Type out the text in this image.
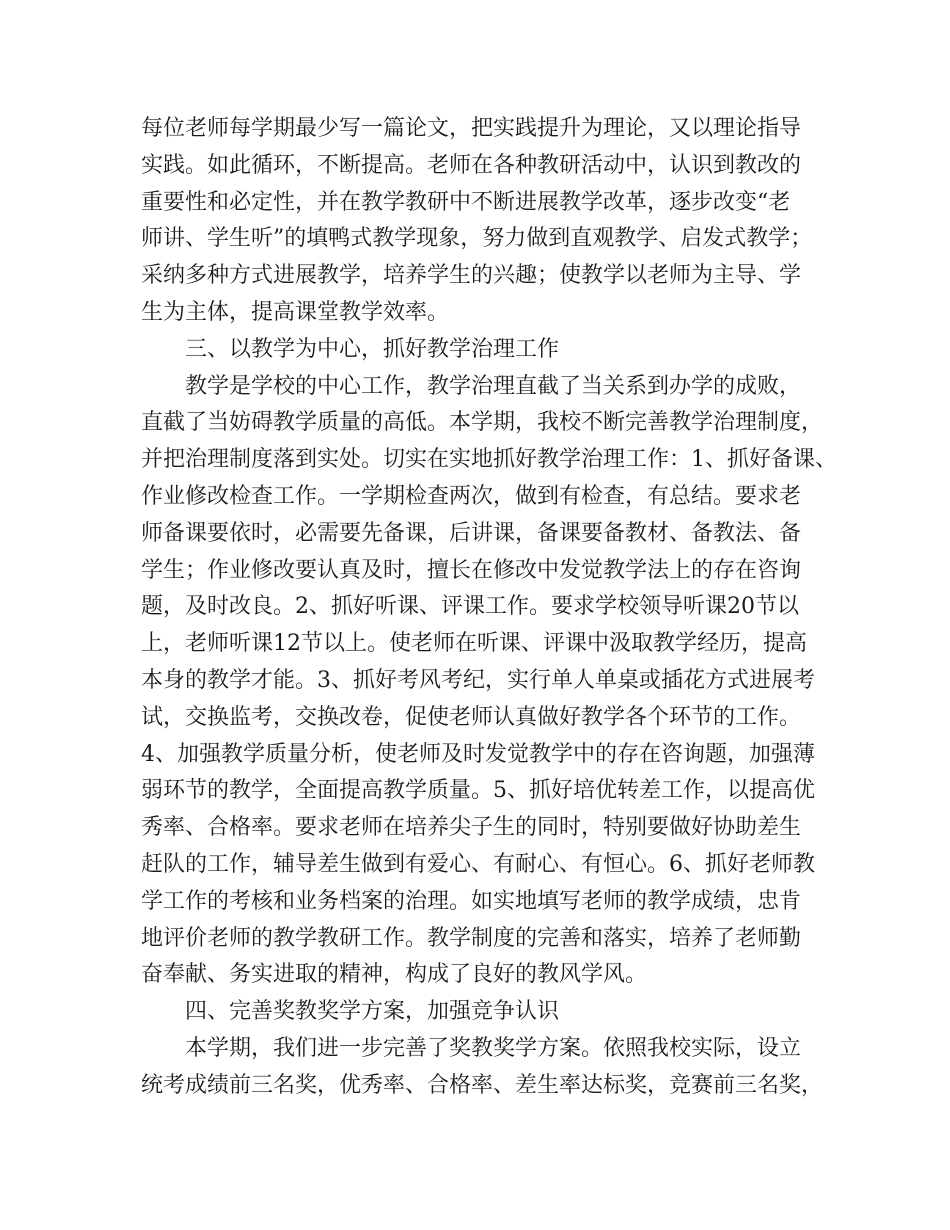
每位老师每学期最少写一篇论文，把实践提升为理论，又以理论指导
实践。如此循环，不断提高。老师在各种教研活动中，认识到教改的
重要性和必定性，并在教学教研中不断进展教学改革，逐步改变“老
师讲、学生听”的填鸭式教学现象，努力做到直观教学、启发式教学；
采纳多种方式进展教学，培养学生的兴趣；使教学以老师为主导、学
生为主体，提高课堂教学效率。
三、以教学为中心，抓好教学治理工作
教学是学校的中心工作，教学治理直截了当关系到办学的成败，
直截了当妨碍教学质量的高低。本学期，我校不断完善教学治理制度，
并把治理制度落到实处。切实在实地抓好教学治理工作：1、抓好备课、
作业修改检查工作。一学期检查两次，做到有检查，有总结。要求老
师备课要依时，必需要先备课，后讲课，备课要备教材、备教法、备
学生；作业修改要认真及时，擅长在修改中发觉教学法上的存在咨询
题，及时改良。2、抓好听课、评课工作。要求学校领导听课20节以
上，老师听课12节以上。使老师在听课、评课中汲取教学经历，提高
本身的教学才能。3、抓好考风考纪，实行单人单桌或插花方式进展考
试，交换监考，交换改卷，促使老师认真做好教学各个环节的工作。
4、加强教学质量分析，使老师及时发觉教学中的存在咨询题，加强薄
弱环节的教学，全面提高教学质量。5、抓好培优转差工作，以提高优
秀率、合格率。要求老师在培养尖子生的同时，特别要做好协助差生
赶队的工作，辅导差生做到有爱心、有耐心、有恒心。6、抓好老师教
学工作的考核和业务档案的治理。如实地填写老师的教学成绩，忠肯
地评价老师的教学教研工作。教学制度的完善和落实，培养了老师勤
奋奉献、务实进取的精神，构成了良好的教风学风。
四、完善奖教奖学方案，加强竞争认识
本学期，我们进一步完善了奖教奖学方案。依照我校实际，设立
统考成绩前三名奖，优秀率、合格率、差生率达标奖，竞赛前三名奖，
